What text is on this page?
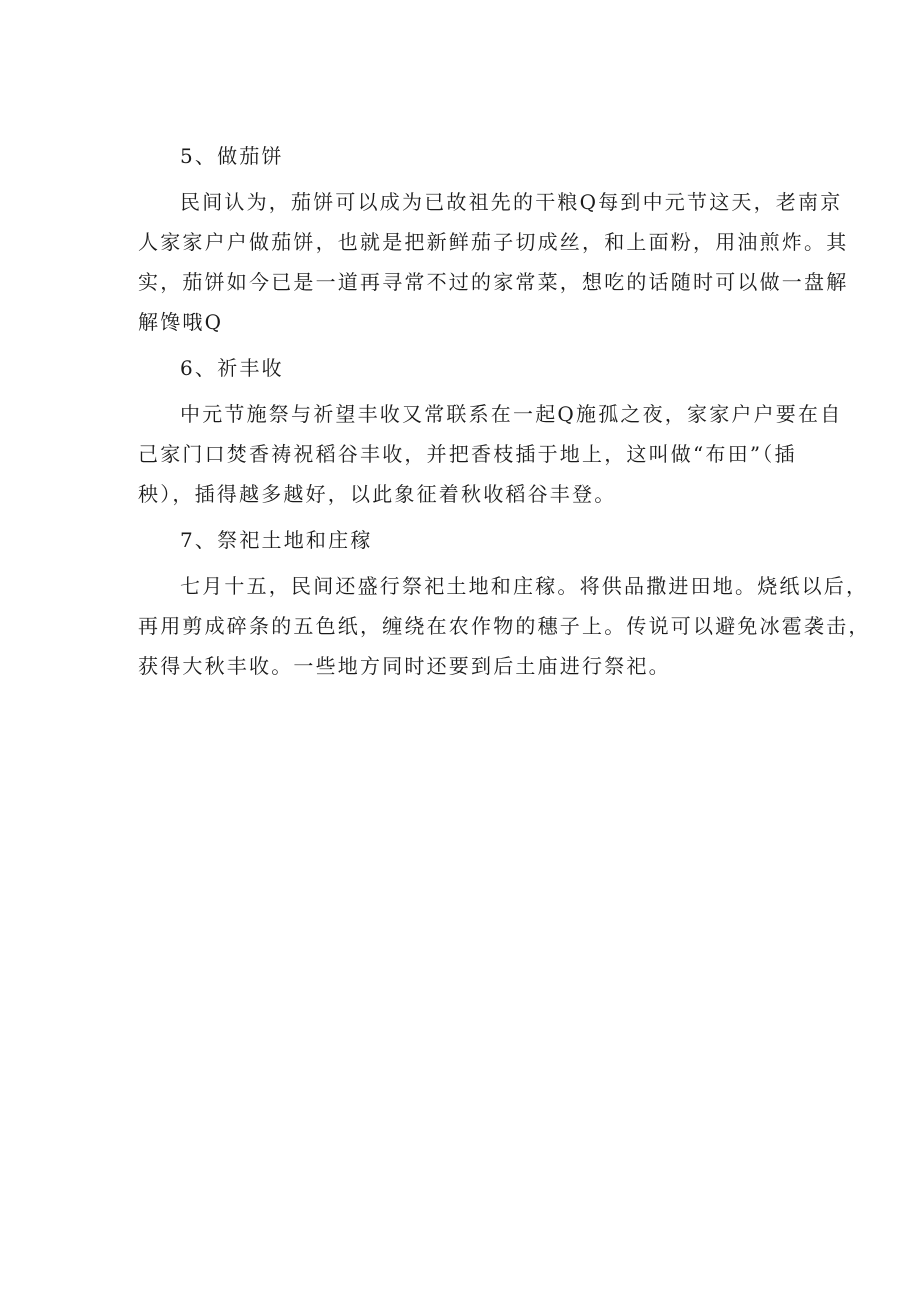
5、做茄饼
民间认为，茄饼可以成为已故祖先的干粮Q每到中元节这天，老南京
人家家户户做茄饼，也就是把新鲜茄子切成丝，和上面粉，用油煎炸。其
实，茄饼如今已是一道再寻常不过的家常菜，想吃的话随时可以做一盘解
解馋哦Q
6、祈丰收
中元节施祭与祈望丰收又常联系在一起Q施孤之夜，家家户户要在自
己家门口焚香祷祝稻谷丰收，并把香枝插于地上，这叫做“布田”（插
秧），插得越多越好，以此象征着秋收稻谷丰登。
7、祭祀土地和庄稼
七月十五，民间还盛行祭祀土地和庄稼。将供品撒进田地。烧纸以后，
再用剪成碎条的五色纸，缠绕在农作物的穗子上。传说可以避免冰雹袭击，
获得大秋丰收。一些地方同时还要到后土庙进行祭祀。
